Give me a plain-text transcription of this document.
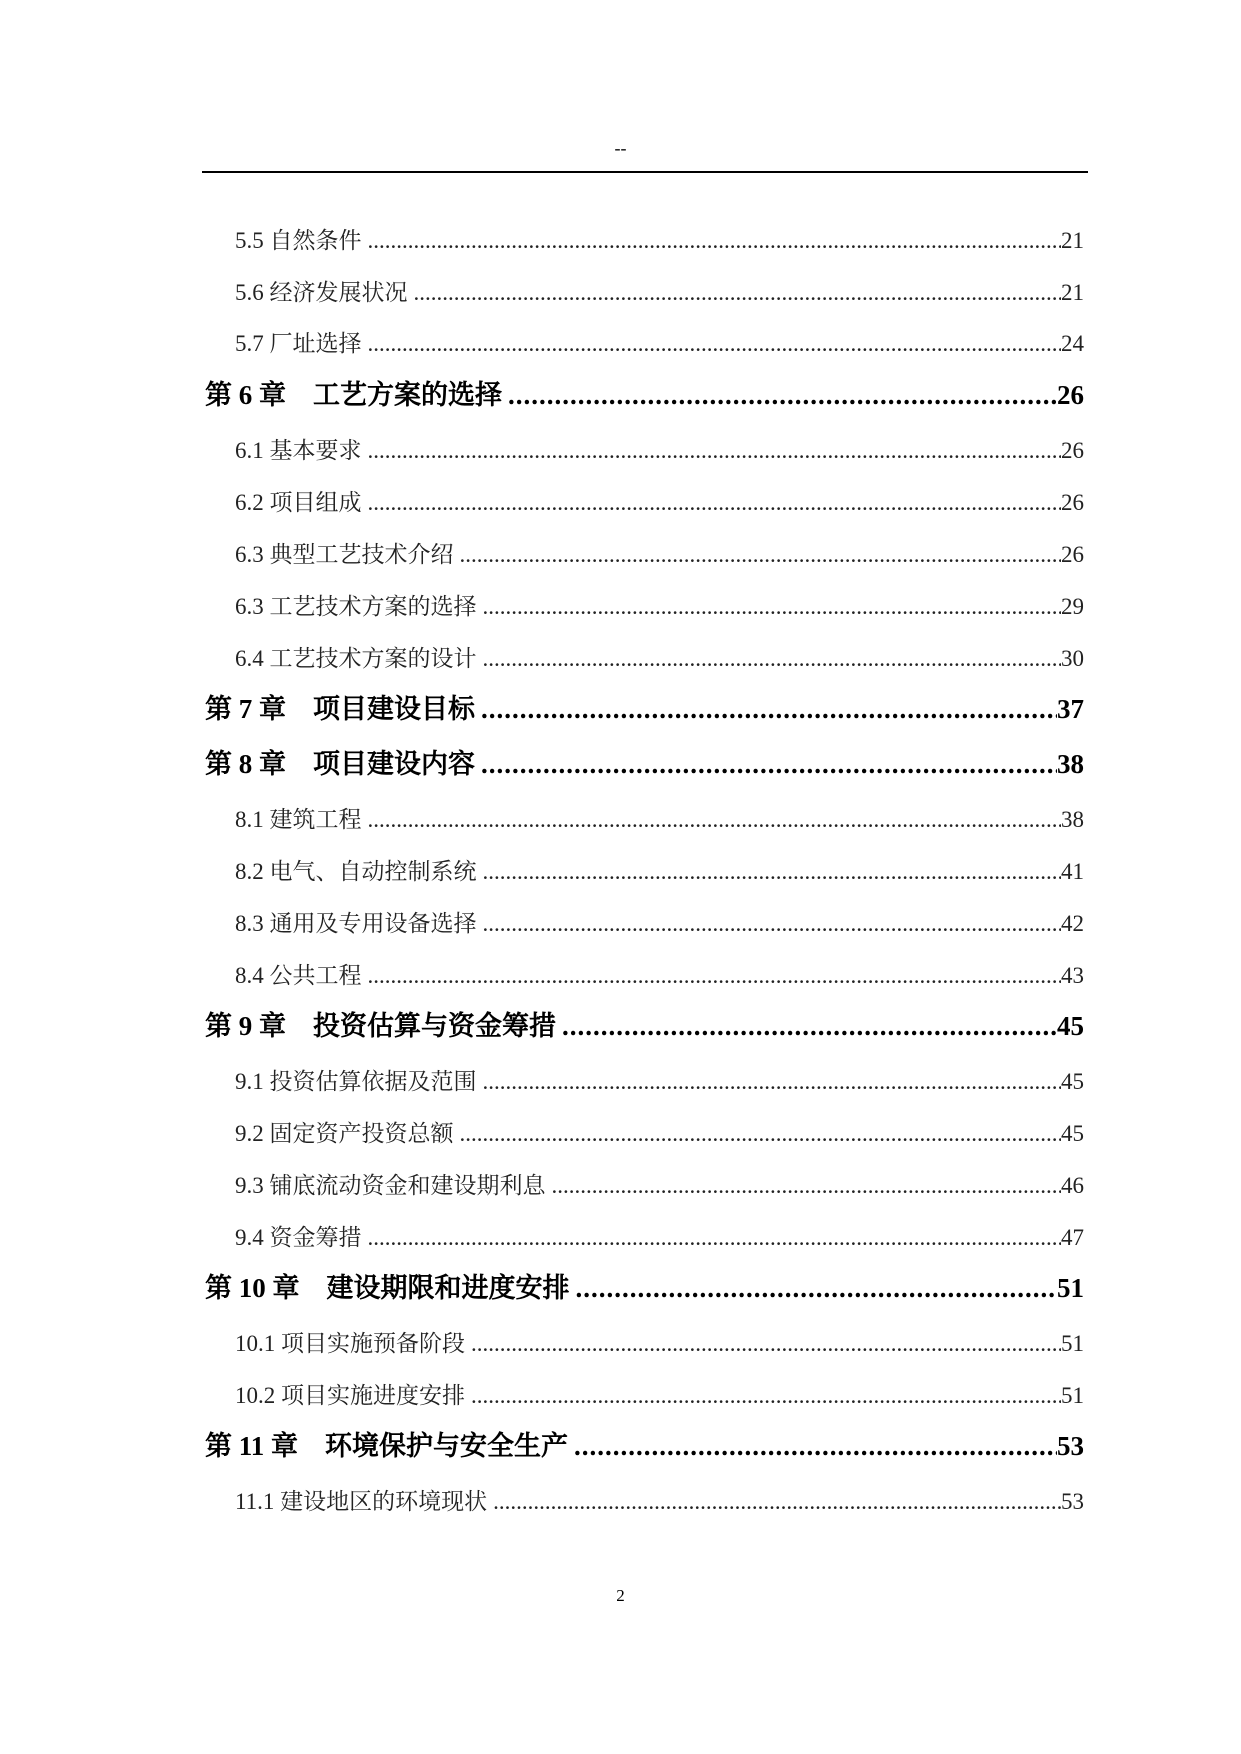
--
5.5 自然条件 .....	21
5.6 经济发展状况 .....	21
5.7 厂址选择 .....	24
第 6 章　工艺方案的选择 .....	26
6.1 基本要求 .....	26
6.2 项目组成 .....	26
6.3 典型工艺技术介绍 .....	26
6.3 工艺技术方案的选择 .....	29
6.4 工艺技术方案的设计 .....	30
第 7 章　项目建设目标 .....	37
第 8 章　项目建设内容 .....	38
8.1 建筑工程 .....	38
8.2 电气、自动控制系统 .....	41
8.3 通用及专用设备选择 .....	42
8.4 公共工程 .....	43
第 9 章　投资估算与资金筹措 .....	45
9.1 投资估算依据及范围 .....	45
9.2 固定资产投资总额 .....	45
9.3 铺底流动资金和建设期利息 .....	46
9.4 资金筹措 .....	47
第 10 章　建设期限和进度安排 .....	51
10.1 项目实施预备阶段 .....	51
10.2 项目实施进度安排 .....	51
第 11 章　环境保护与安全生产 .....	53
11.1 建设地区的环境现状 .....	53
2
